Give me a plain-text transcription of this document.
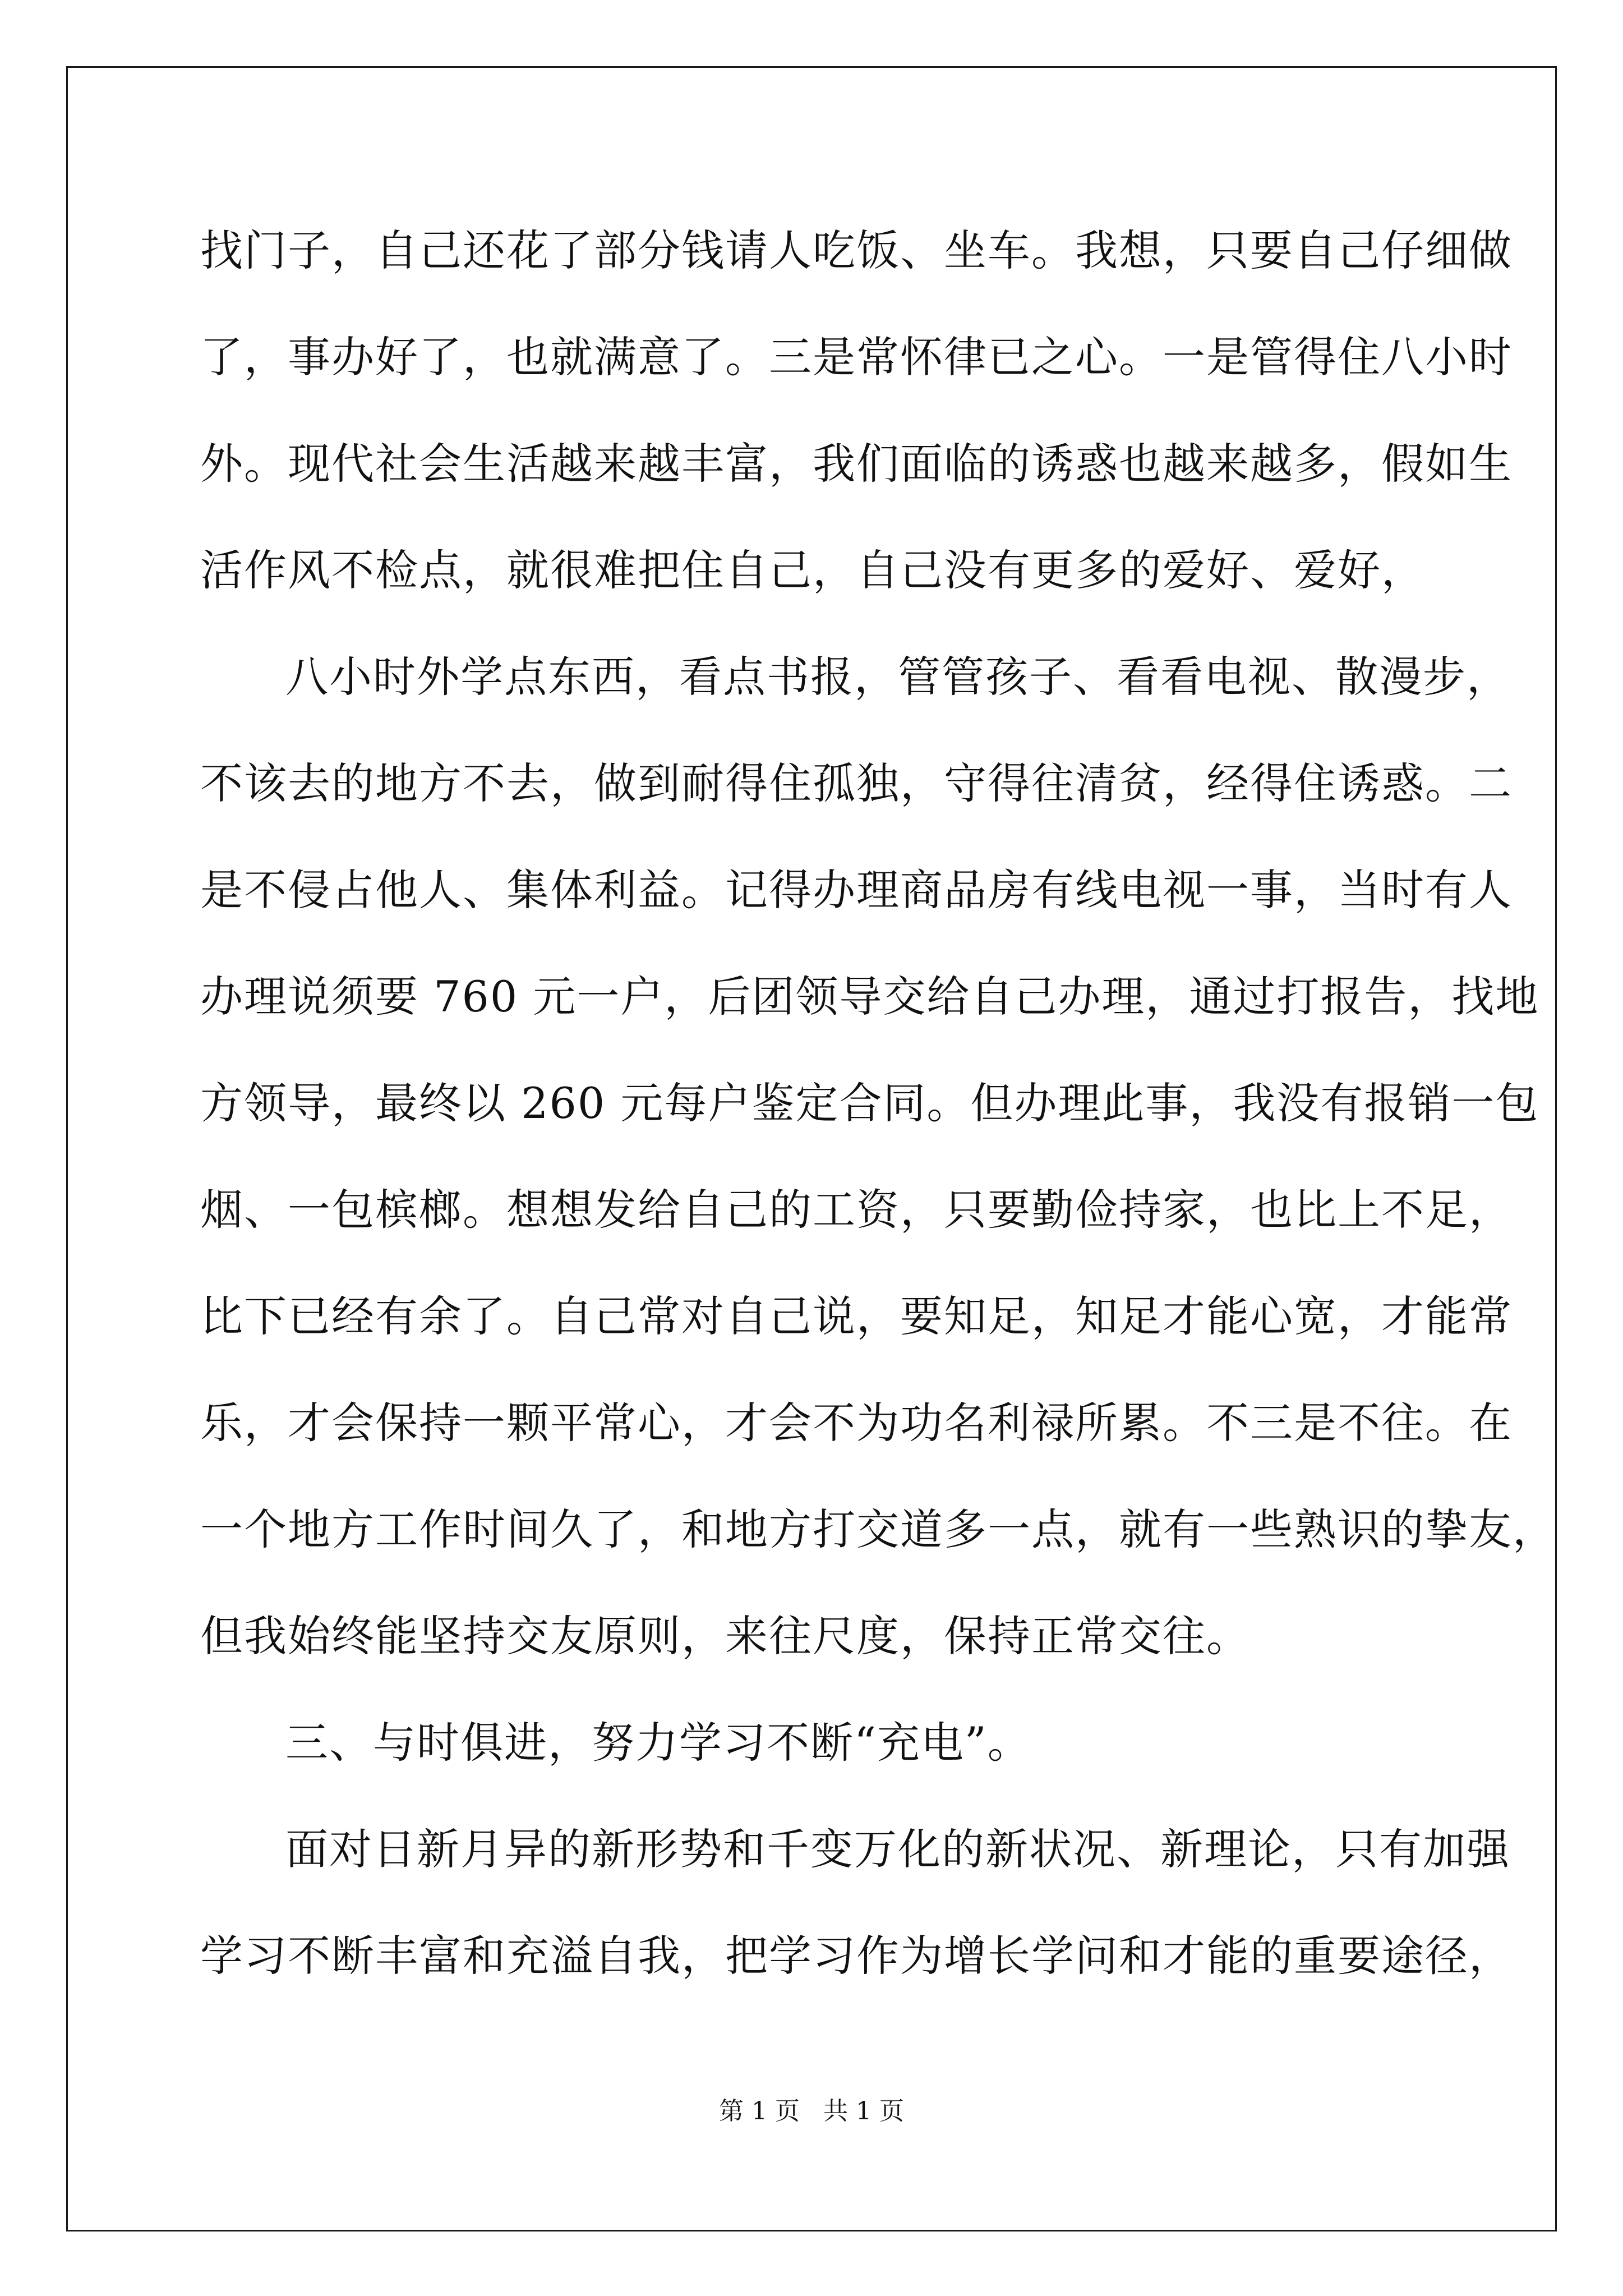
找门子，自己还花了部分钱请人吃饭、坐车。我想，只要自己仔细做
了，事办好了，也就满意了。三是常怀律已之心。一是管得住八小时
外。现代社会生活越来越丰富，我们面临的诱惑也越来越多，假如生
活作风不检点，就很难把住自己，自己没有更多的爱好、爱好，
八小时外学点东西，看点书报，管管孩子、看看电视、散漫步，
不该去的地方不去，做到耐得住孤独，守得往清贫，经得住诱惑。二
是不侵占他人、集体利益。记得办理商品房有线电视一事，当时有人
办理说须要 760 元一户，后团领导交给自己办理，通过打报告，找地
方领导，最终以 260 元每户鉴定合同。但办理此事，我没有报销一包
烟、一包槟榔。想想发给自己的工资，只要勤俭持家，也比上不足，
比下已经有余了。自己常对自己说，要知足，知足才能心宽，才能常
乐，才会保持一颗平常心，才会不为功名利禄所累。不三是不往。在
一个地方工作时间久了，和地方打交道多一点，就有一些熟识的挚友，
但我始终能坚持交友原则，来往尺度，保持正常交往。
三、与时俱进，努力学习不断“充电”。
面对日新月异的新形势和千变万化的新状况、新理论，只有加强
学习不断丰富和充溢自我，把学习作为增长学问和才能的重要途径，
第 1 页   共 1 页
